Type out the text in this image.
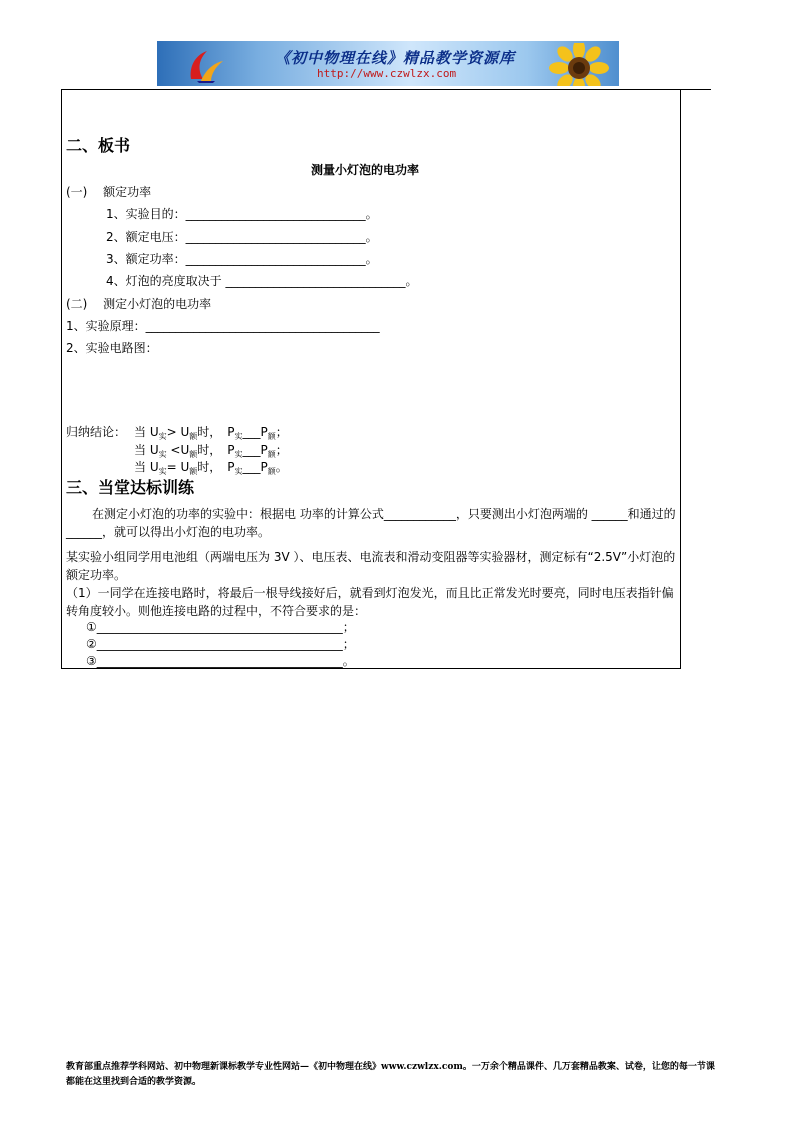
《初中物理在线》精品教学资源库
http://www.czwlzx.com
二、板书
测量小灯泡的电功率
(一)　 额定功率
1、实验目的：______________________________。
2、额定电压：______________________________。
3、额定功率：______________________________。
4、灯泡的亮度取决于 ______________________________。
(二)　 测定小灯泡的电功率
1、实验原理：_______________________________________
2、实验电路图：
归纳结论： 当 $U_实> U_额$时，　$P_实\_\_\_P_额$；
当 $U_实 <U_额$时，　$P_实\_\_\_P_额$；
当 $U_实= U_额$时，　$P_实\_\_\_P_额$。
三、当堂达标训练
在测定小灯泡的功率的实验中：根据电 功率的计算公式____________，只要测出小灯泡两端的 ______和通过的______，就可以得出小灯泡的电功率。
某实验小组同学用电池组（两端电压为 3V ）、电压表、电流表和滑动变阻器等实验器材，测定标有“2.5V”小灯泡的额定功率。
（1）一同学在连接电路时，将最后一根导线接好后，就看到灯泡发光，而且比正常发光时要亮，同时电压表指针偏转角度较小。则他连接电路的过程中，不符合要求的是：
①_________________________________________；
②_________________________________________；
③_________________________________________。
教育部重点推荐学科网站、初中物理新课标教学专业性网站—《初中物理在线》www.czwlzx.com。一万余个精品课件、几万套精品教案、试卷，让您的每一节课都能在这里找到合适的教学资源。
